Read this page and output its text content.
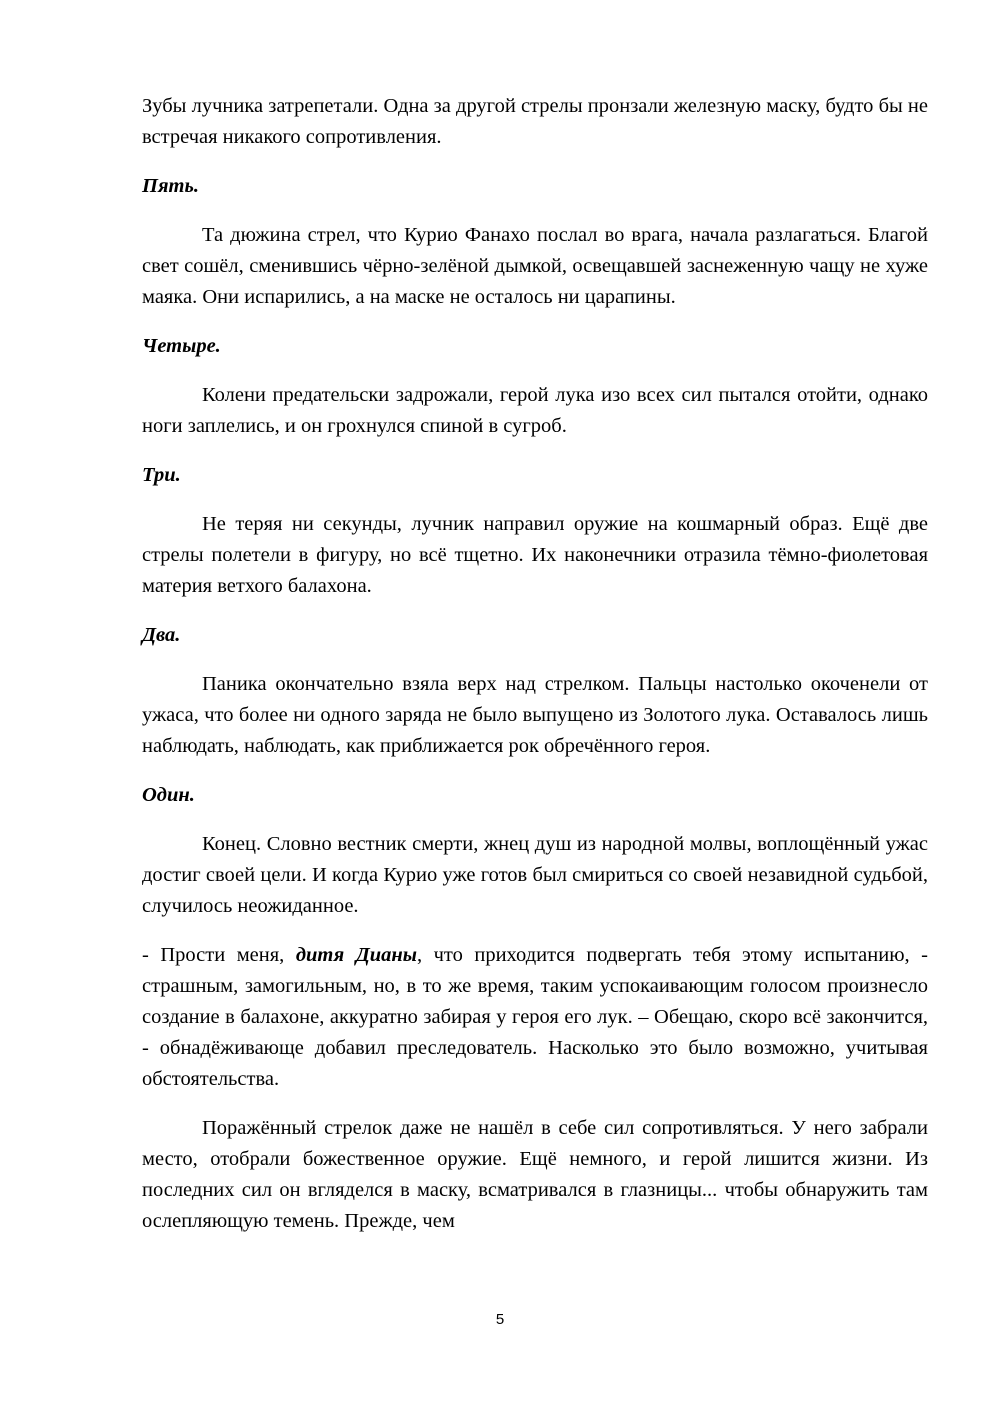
Зубы лучника затрепетали. Одна за другой стрелы пронзали железную маску, будто бы не встречая никакого сопротивления.

Пять.

Та дюжина стрел, что Курио Фанахо послал во врага, начала разлагаться. Благой свет сошёл, сменившись чёрно-зелёной дымкой, освещавшей заснеженную чащу не хуже маяка. Они испарились, а на маске не осталось ни царапины.

Четыре.

Колени предательски задрожали, герой лука изо всех сил пытался отойти, однако ноги заплелись, и он грохнулся спиной в сугроб.

Три.

Не теряя ни секунды, лучник направил оружие на кошмарный образ. Ещё две стрелы полетели в фигуру, но всё тщетно. Их наконечники отразила тёмно-фиолетовая материя ветхого балахона.

Два.

Паника окончательно взяла верх над стрелком. Пальцы настолько окоченели от ужаса, что более ни одного заряда не было выпущено из Золотого лука. Оставалось лишь наблюдать, наблюдать, как приближается рок обречённого героя.

Один.

Конец. Словно вестник смерти, жнец душ из народной молвы, воплощённый ужас достиг своей цели. И когда Курио уже готов был смириться со своей незавидной судьбой, случилось неожиданное.

- Прости меня, дитя Дианы, что приходится подвергать тебя этому испытанию, - страшным, замогильным, но, в то же время, таким успокаивающим голосом произнесло создание в балахоне, аккуратно забирая у героя его лук. – Обещаю, скоро всё закончится, - обнадёживающе добавил преследователь. Насколько это было возможно, учитывая обстоятельства.

Поражённый стрелок даже не нашёл в себе сил сопротивляться. У него забрали место, отобрали божественное оружие. Ещё немного, и герой лишится жизни. Из последних сил он вгляделся в маску, всматривался в глазницы... чтобы обнаружить там ослепляющую темень. Прежде, чем

5
